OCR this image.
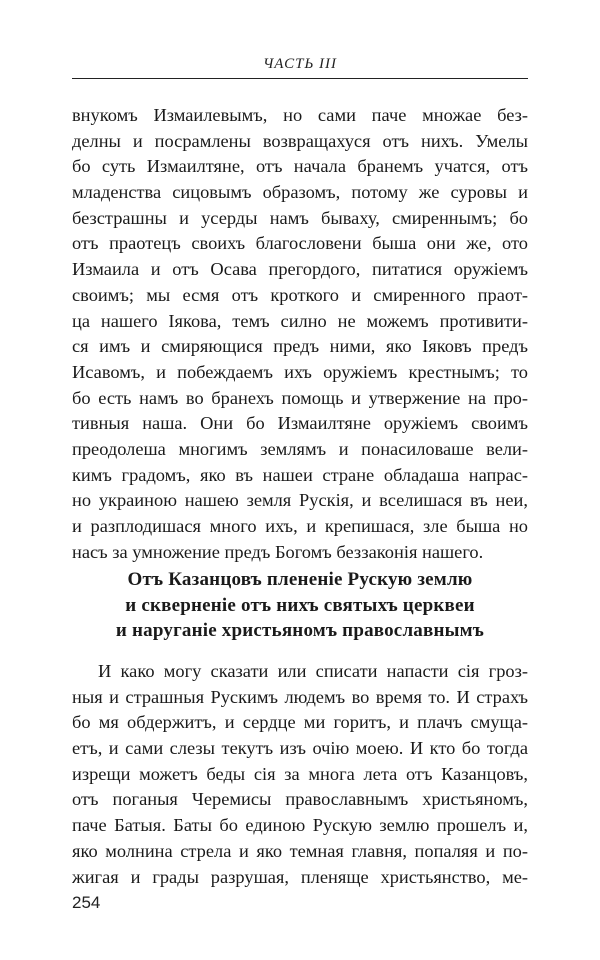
ЧАСТЬ III
внукомъ Измаилевымъ, но сами паче множае без-
делны и посрамлены возвращахуся отъ нихъ. Умелы
бо суть Измаилтяне, отъ начала бранемъ учатся, отъ
младенства сицовымъ образомъ, потому же суровы и
безстрашны и усерды намъ бываху, смиреннымъ; бо
отъ праотецъ своихъ благословени быша они же, ото
Измаила и отъ Осава прегордого, питатися оружіемъ
своимъ; мы есмя отъ кроткого и смиренного праот-
ца нашего Іякова, темъ силно не можемъ противити-
ся имъ и смиряющися предъ ними, яко Іяковъ предъ
Исавомъ, и побеждаемъ ихъ оружіемъ крестнымъ; то
бо есть намъ во бранехъ помощь и утвержение на про-
тивныя наша. Они бо Измаилтяне оружіемъ своимъ
преодолеша многимъ землямъ и понасиловаше вели-
кимъ градомъ, яко въ нашеи стране обладаша напрас-
но украиною нашею земля Рускія, и вселишася въ неи,
и разплодишася много ихъ, и крепишася, зле быша но
насъ за умножение предъ Богомъ беззаконія нашего.
Отъ Казанцовъ плененіе Рускую землю
и скверненіе отъ нихъ святыхъ церквеи
и наруганіе христьяномъ православнымъ
И како могу сказати или списати напасти сія гроз-
ныя и страшныя Рускимъ людемъ во время то. И страхъ
бо мя обдержитъ, и сердце ми горитъ, и плачъ смуща-
етъ, и сами слезы текутъ изъ очію моею. И кто бо тогда
изрещи можетъ беды сія за многа лета отъ Казанцовъ,
отъ поганыя Черемисы православнымъ христьяномъ,
паче Батыя. Баты бо единою Рускую землю прошелъ и,
яко молнина стрела и яко темная главня, попаляя и по-
жигая и грады разрушая, пленяще христьянство, ме-
254
